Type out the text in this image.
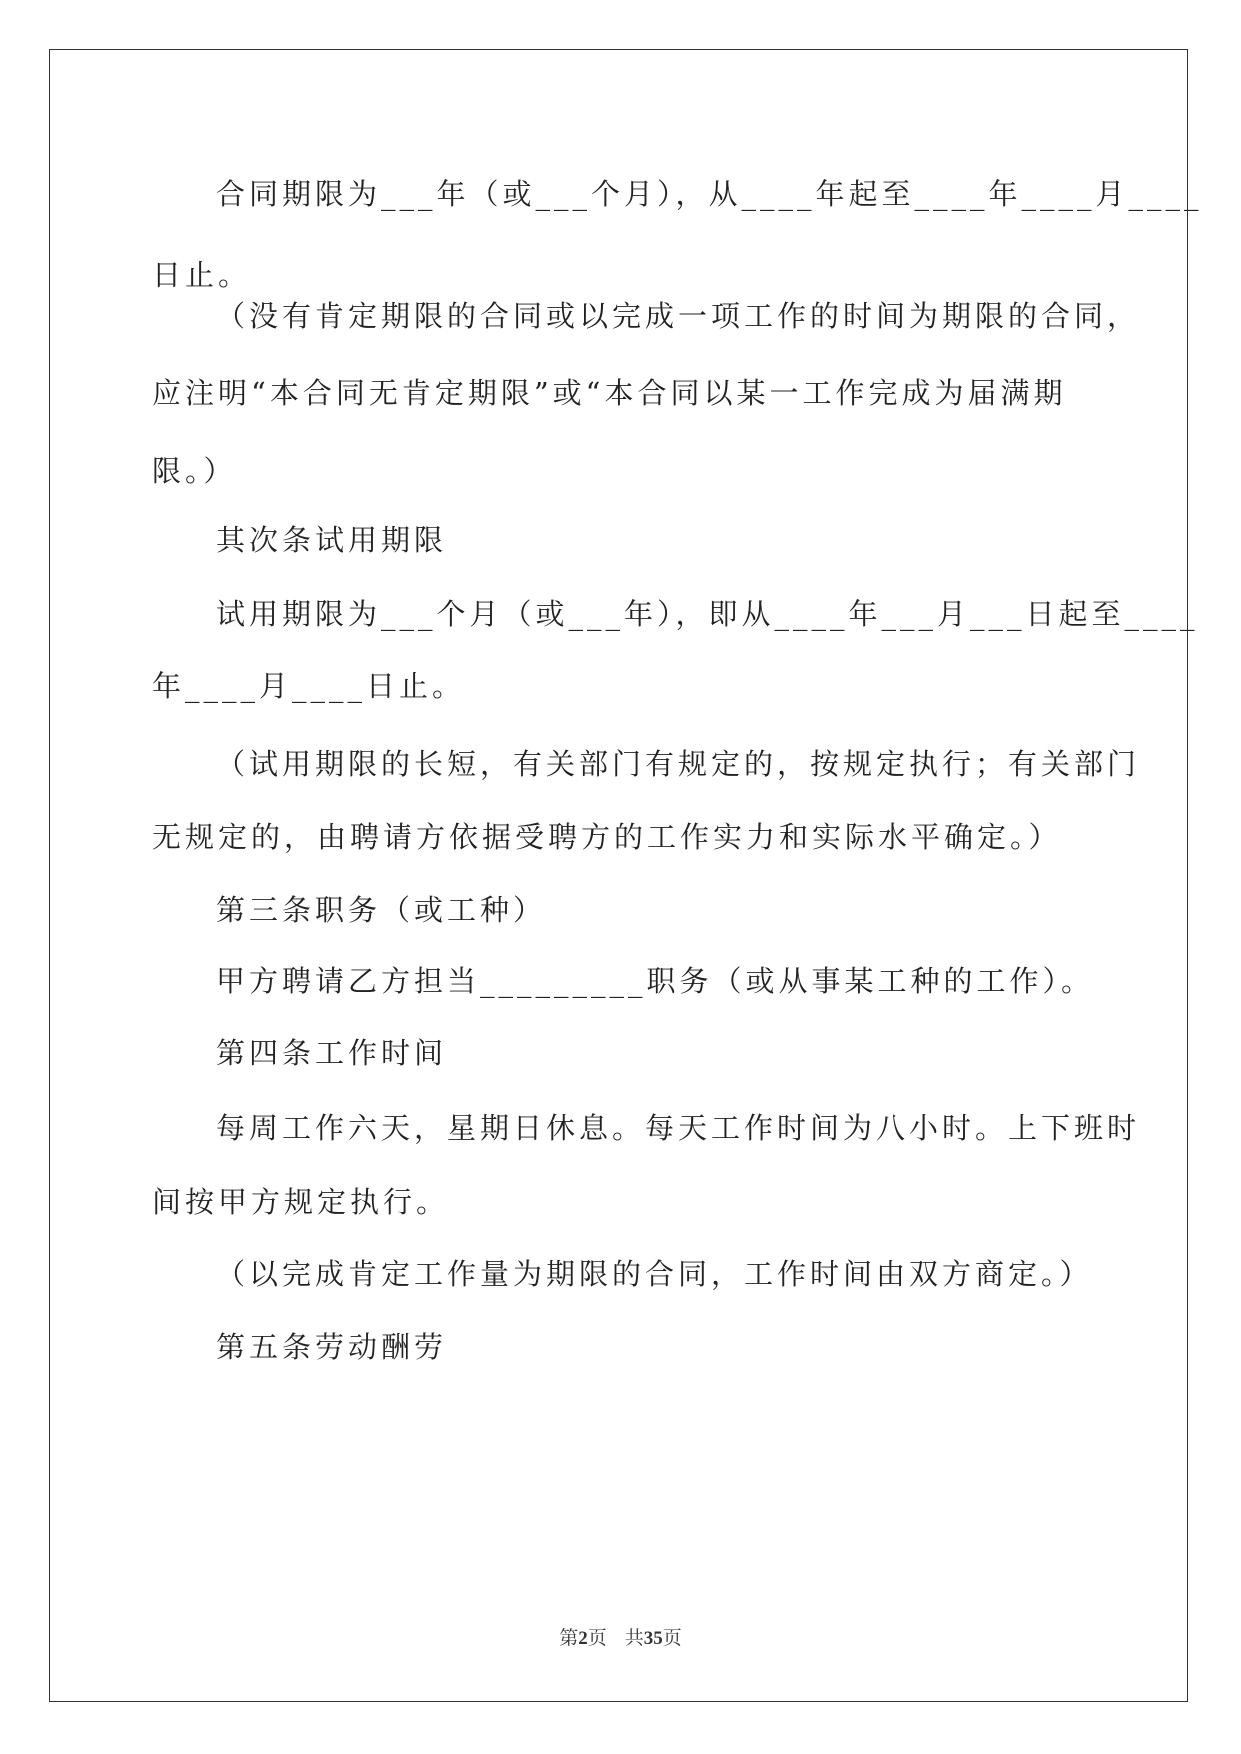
合同期限为___年（或___个月），从____年起至____年____月____
日止。
（没有肯定期限的合同或以完成一项工作的时间为期限的合同，
应注明“本合同无肯定期限”或“本合同以某一工作完成为届满期
限。）
其次条试用期限
试用期限为___个月（或___年），即从____年___月___日起至____
年____月____日止。
（试用期限的长短，有关部门有规定的，按规定执行；有关部门
无规定的，由聘请方依据受聘方的工作实力和实际水平确定。）
第三条职务（或工种）
甲方聘请乙方担当_________职务（或从事某工种的工作）。
第四条工作时间
每周工作六天，星期日休息。每天工作时间为八小时。上下班时
间按甲方规定执行。
（以完成肯定工作量为期限的合同，工作时间由双方商定。）
第五条劳动酬劳
第2页 共35页
